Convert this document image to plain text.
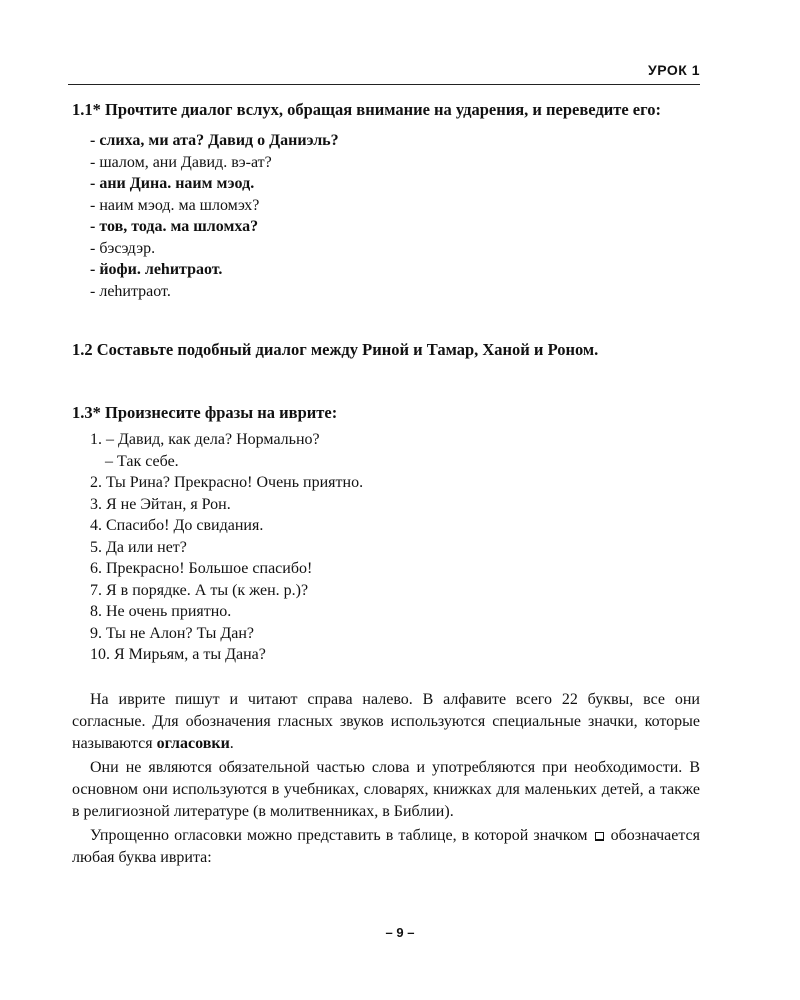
УРОК 1
1.1* Прочтите диалог вслух, обращая внимание на ударения, и переведите его:
- слиха, ми ата? Давид о Даниэль?
- шалом, ани Давид. вэ-ат?
- ани Дина. наим мэод.
- наим мэод. ма шломэх?
- тов, тода. ма шломха?
- бэсэдэр.
- йофи. леhитраот.
- леhитраот.
1.2 Составьте подобный диалог между Риной и Тамар, Ханой и Роном.
1.3* Произнесите фразы на иврите:
1. – Давид, как дела? Нормально?
– Так себе.
2. Ты Рина? Прекрасно! Очень приятно.
3. Я не Эйтан, я Рон.
4. Спасибо! До свидания.
5. Да или нет?
6. Прекрасно! Большое спасибо!
7. Я в порядке. А ты (к жен. р.)?
8. Не очень приятно.
9. Ты не Алон? Ты Дан?
10. Я Мирьям, а ты Дана?

На иврите пишут и читают справа налево. В алфавите всего 22 буквы, все они согласные. Для обозначения гласных звуков используются специальные значки, которые называются огласовки.

Они не являются обязательной частью слова и употребляются при необходимости. В основном они используются в учебниках, словарях, книжках для маленьких детей, а также в религиозной литературе (в молитвенниках, в Библии).

Упрощенно огласовки можно представить в таблице, в которой значком обозначается любая буква иврита:

– 9 –
